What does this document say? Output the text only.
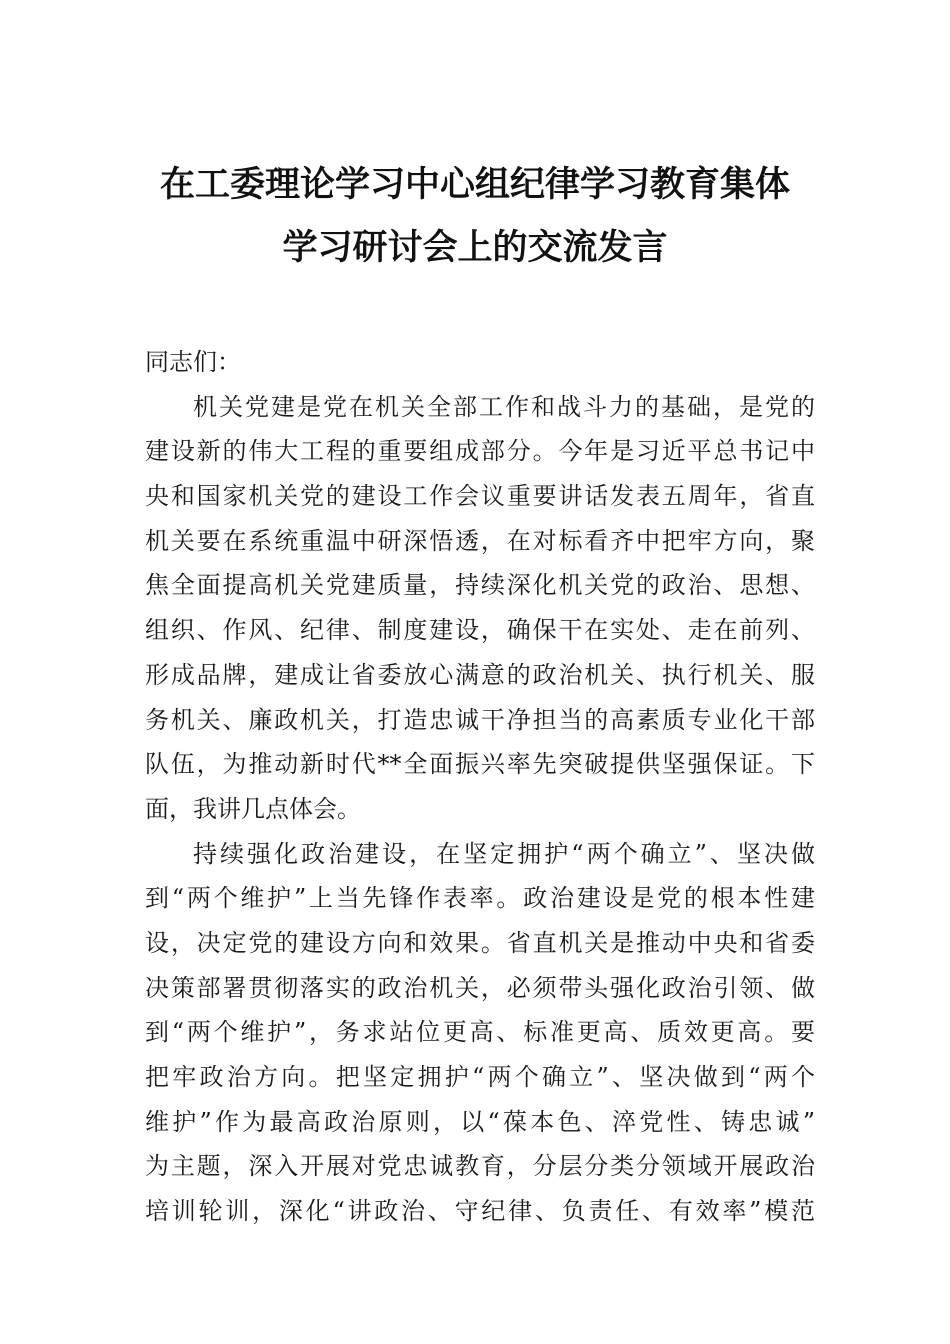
在工委理论学习中心组纪律学习教育集体
学习研讨会上的交流发言
同志们：
机关党建是党在机关全部工作和战斗力的基础，是党的
建设新的伟大工程的重要组成部分。今年是习近平总书记中
央和国家机关党的建设工作会议重要讲话发表五周年，省直
机关要在系统重温中研深悟透，在对标看齐中把牢方向，聚
焦全面提高机关党建质量，持续深化机关党的政治、思想、
组织、作风、纪律、制度建设，确保干在实处、走在前列、
形成品牌，建成让省委放心满意的政治机关、执行机关、服
务机关、廉政机关，打造忠诚干净担当的高素质专业化干部
队伍，为推动新时代**全面振兴率先突破提供坚强保证。下
面，我讲几点体会。
持续强化政治建设，在坚定拥护“两个确立”、坚决做
到“两个维护”上当先锋作表率。政治建设是党的根本性建
设，决定党的建设方向和效果。省直机关是推动中央和省委
决策部署贯彻落实的政治机关，必须带头强化政治引领、做
到“两个维护”，务求站位更高、标准更高、质效更高。要
把牢政治方向。把坚定拥护“两个确立”、坚决做到“两个
维护”作为最高政治原则，以“葆本色、淬党性、铸忠诚”
为主题，深入开展对党忠诚教育，分层分类分领域开展政治
培训轮训，深化“讲政治、守纪律、负责任、有效率”模范
